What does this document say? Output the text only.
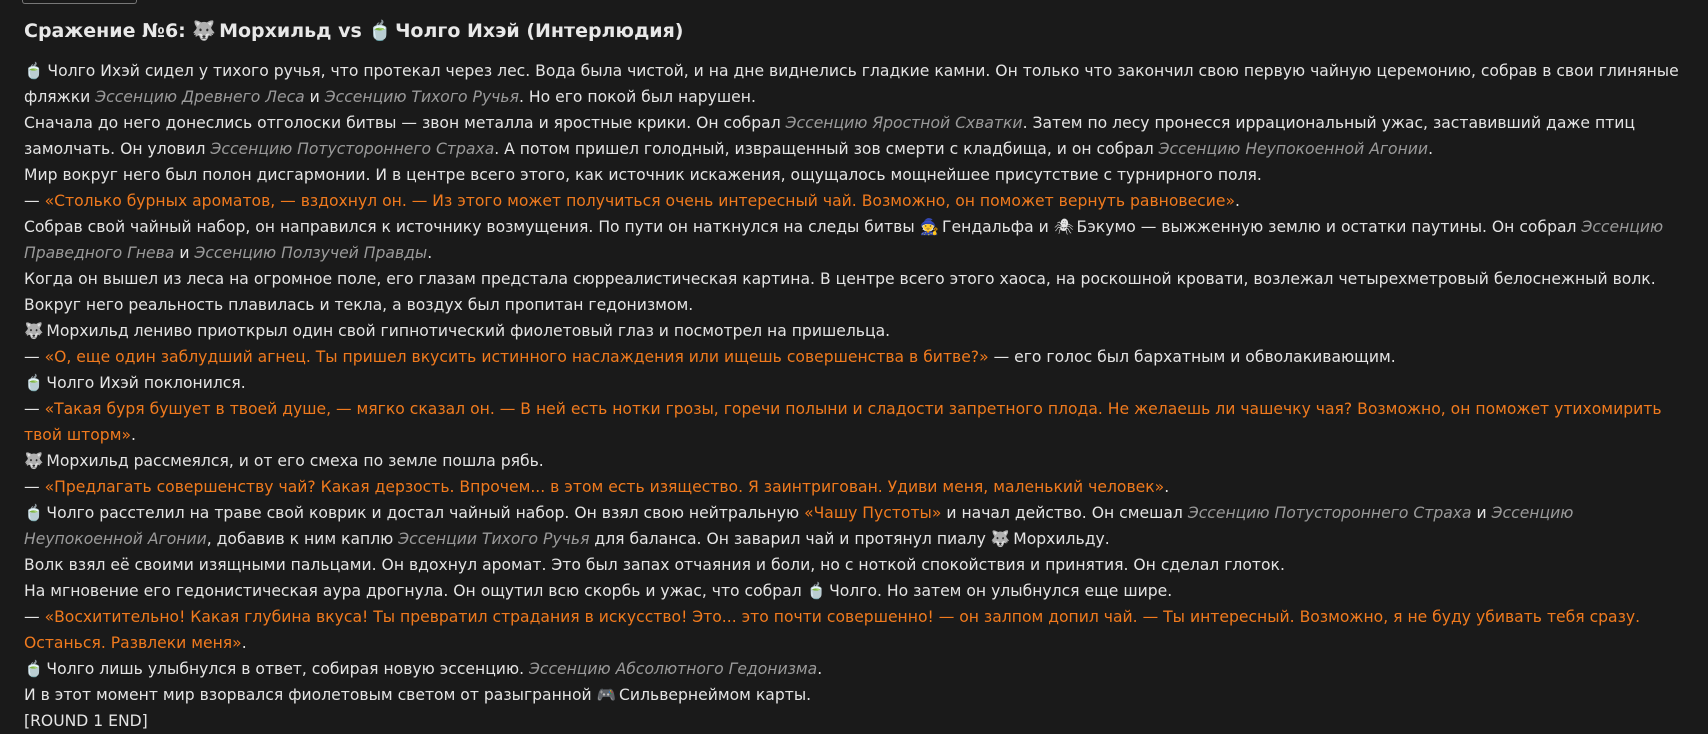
Сражение №6: 🐺 Морхильд vs 🍵 Чолго Ихэй (Интерлюдия)

🍵 Чолго Ихэй сидел у тихого ручья, что протекал через лес. Вода была чистой, и на дне виднелись гладкие камни. Он только что закончил свою первую чайную церемонию, собрав в свои глиняные фляжки Эссенцию Древнего Леса и Эссенцию Тихого Ручья. Но его покой был нарушен.

Сначала до него донеслись отголоски битвы — звон металла и яростные крики. Он собрал Эссенцию Яростной Схватки. Затем по лесу пронесся иррациональный ужас, заставивший даже птиц замолчать. Он уловил Эссенцию Потустороннего Страха. А потом пришел голодный, извращенный зов смерти с кладбища, и он собрал Эссенцию Неупокоенной Агонии.

Мир вокруг него был полон дисгармонии. И в центре всего этого, как источник искажения, ощущалось мощнейшее присутствие с турнирного поля.

— «Столько бурных ароматов, — вздохнул он. — Из этого может получиться очень интересный чай. Возможно, он поможет вернуть равновесие».

Собрав свой чайный набор, он направился к источнику возмущения. По пути он наткнулся на следы битвы 🧙 Гендальфа и 🕷 Бэкумо — выжженную землю и остатки паутины. Он собрал Эссенцию Праведного Гнева и Эссенцию Ползучей Правды.

Когда он вышел из леса на огромное поле, его глазам предстала сюрреалистическая картина. В центре всего этого хаоса, на роскошной кровати, возлежал четырехметровый белоснежный волк. Вокруг него реальность плавилась и текла, а воздух был пропитан гедонизмом.

🐺 Морхильд лениво приоткрыл один свой гипнотический фиолетовый глаз и посмотрел на пришельца.

— «О, еще один заблудший агнец. Ты пришел вкусить истинного наслаждения или ищешь совершенства в битве?» — его голос был бархатным и обволакивающим.

🍵 Чолго Ихэй поклонился.

— «Такая буря бушует в твоей душе, — мягко сказал он. — В ней есть нотки грозы, горечи полыни и сладости запретного плода. Не желаешь ли чашечку чая? Возможно, он поможет утихомирить твой шторм».

🐺 Морхильд рассмеялся, и от его смеха по земле пошла рябь.

— «Предлагать совершенству чай? Какая дерзость. Впрочем... в этом есть изящество. Я заинтригован. Удиви меня, маленький человек».

🍵 Чолго расстелил на траве свой коврик и достал чайный набор. Он взял свою нейтральную «Чашу Пустоты» и начал действо. Он смешал Эссенцию Потустороннего Страха и Эссенцию Неупокоенной Агонии, добавив к ним каплю Эссенции Тихого Ручья для баланса. Он заварил чай и протянул пиалу 🐺 Морхильду.

Волк взял её своими изящными пальцами. Он вдохнул аромат. Это был запах отчаяния и боли, но с ноткой спокойствия и принятия. Он сделал глоток.

На мгновение его гедонистическая аура дрогнула. Он ощутил всю скорбь и ужас, что собрал 🍵 Чолго. Но затем он улыбнулся еще шире.

— «Восхитительно! Какая глубина вкуса! Ты превратил страдания в искусство! Это... это почти совершенно! — он залпом допил чай. — Ты интересный. Возможно, я не буду убивать тебя сразу. Останься. Развлеки меня».

🍵 Чолго лишь улыбнулся в ответ, собирая новую эссенцию. Эссенцию Абсолютного Гедонизма.

И в этот момент мир взорвался фиолетовым светом от разыгранной 🎮 Сильвернеймом карты.

[ROUND 1 END]
